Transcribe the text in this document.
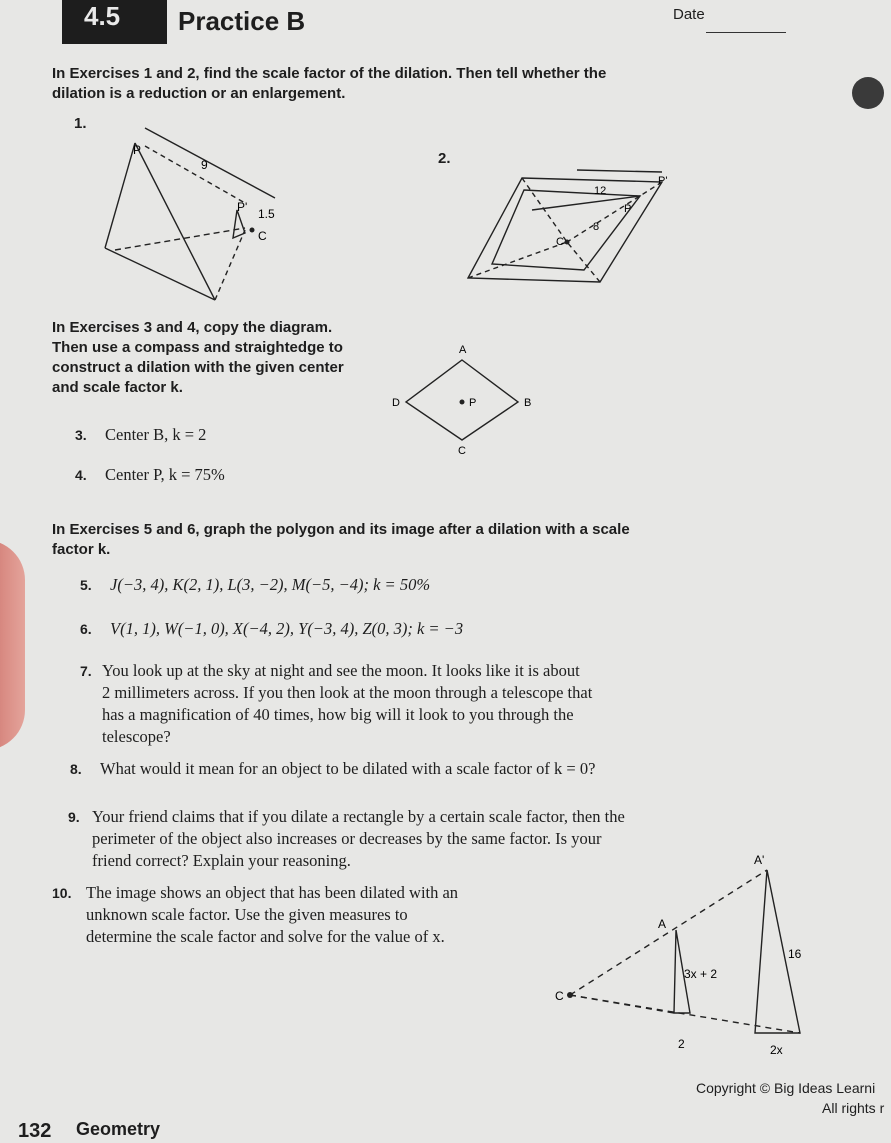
4.5	Practice B	Date
In Exercises 1 and 2, find the scale factor of the dilation. Then tell whether the dilation is a reduction or an enlargement.
1.
P
P'
C
9
1.5
2.
12
8
P'
P
C
In Exercises 3 and 4, copy the diagram. Then use a compass and straightedge to construct a dilation with the given center and scale factor k.
A
B
C
D	P
3. Center B, k = 2
4. Center P, k = 75%
In Exercises 5 and 6, graph the polygon and its image after a dilation with a scale factor k.
5. J(−3, 4), K(2, 1), L(3, −2), M(−5, −4); k = 50%
6. V(1, 1), W(−1, 0), X(−4, 2), Y(−3, 4), Z(0, 3); k = −3
7. You look up at the sky at night and see the moon. It looks like it is about
2 millimeters across. If you then look at the moon through a telescope that
has a magnification of 40 times, how big will it look to you through the
telescope?
8. What would it mean for an object to be dilated with a scale factor of k = 0?
9. Your friend claims that if you dilate a rectangle by a certain scale factor, then the
perimeter of the object also increases or decreases by the same factor. Is your
friend correct? Explain your reasoning.
10. The image shows an object that has been dilated with an
unknown scale factor. Use the given measures to
determine the scale factor and solve for the value of x.
C
A
A'
3x + 2
16
2	2x
Copyright © Big Ideas Learni
All rights r
132 Geometry
